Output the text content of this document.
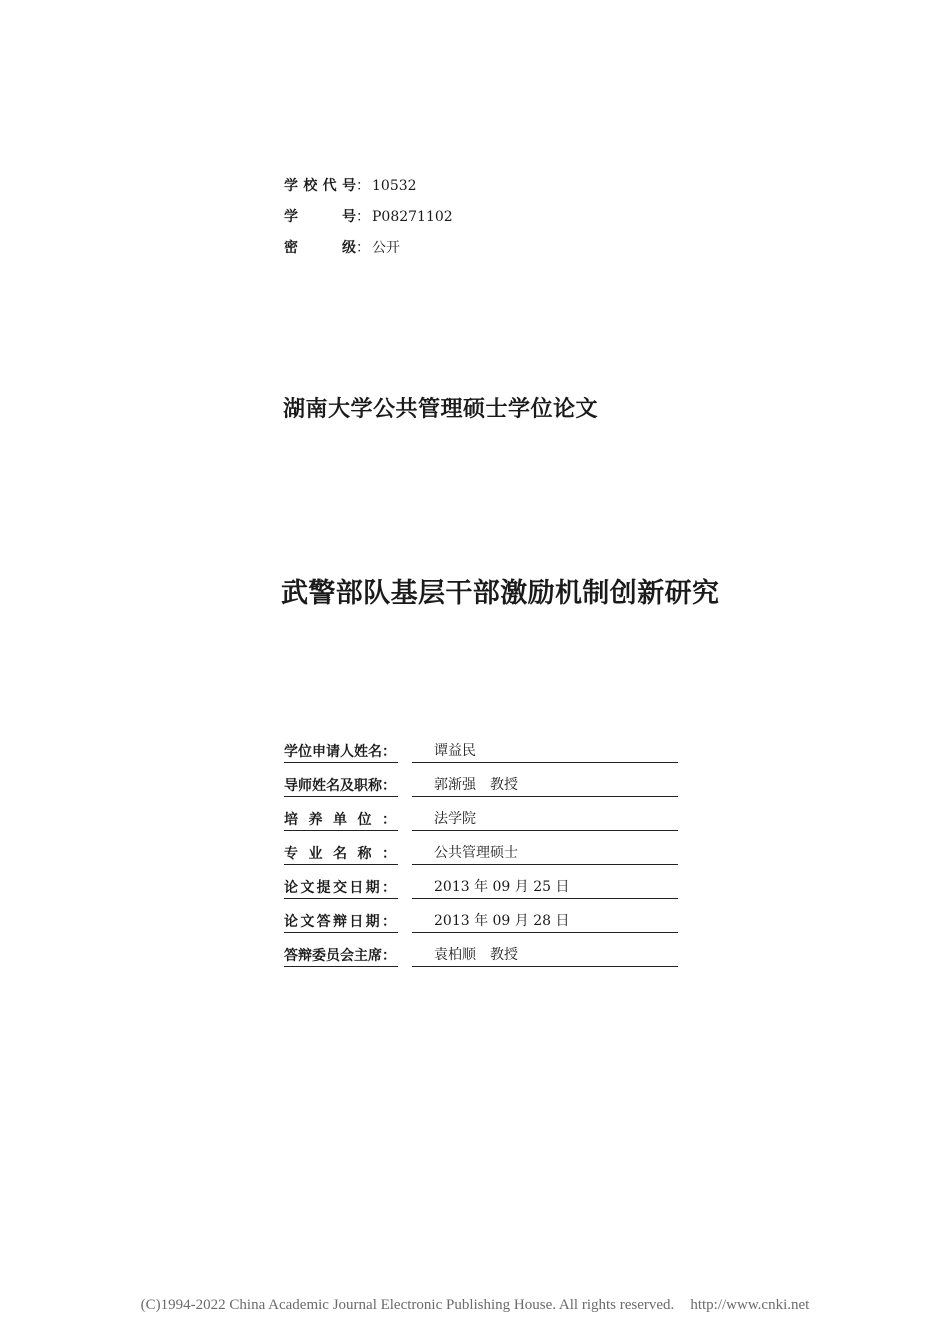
学校代号： 10532
学号： P08271102
密级： 公开
湖南大学公共管理硕士学位论文
武警部队基层干部激励机制创新研究
学位申请人姓名：	谭益民
导师姓名及职称：	郭渐强　教授
培养单位：	法学院
专业名称：	公共管理硕士
论文提交日期：	2013 年 09 月 25 日
论文答辩日期：	2013 年 09 月 28 日
答辩委员会主席：	袁柏顺　教授
(C)1994-2022 China Academic Journal Electronic Publishing House. All rights reserved. http://www.cnki.net
